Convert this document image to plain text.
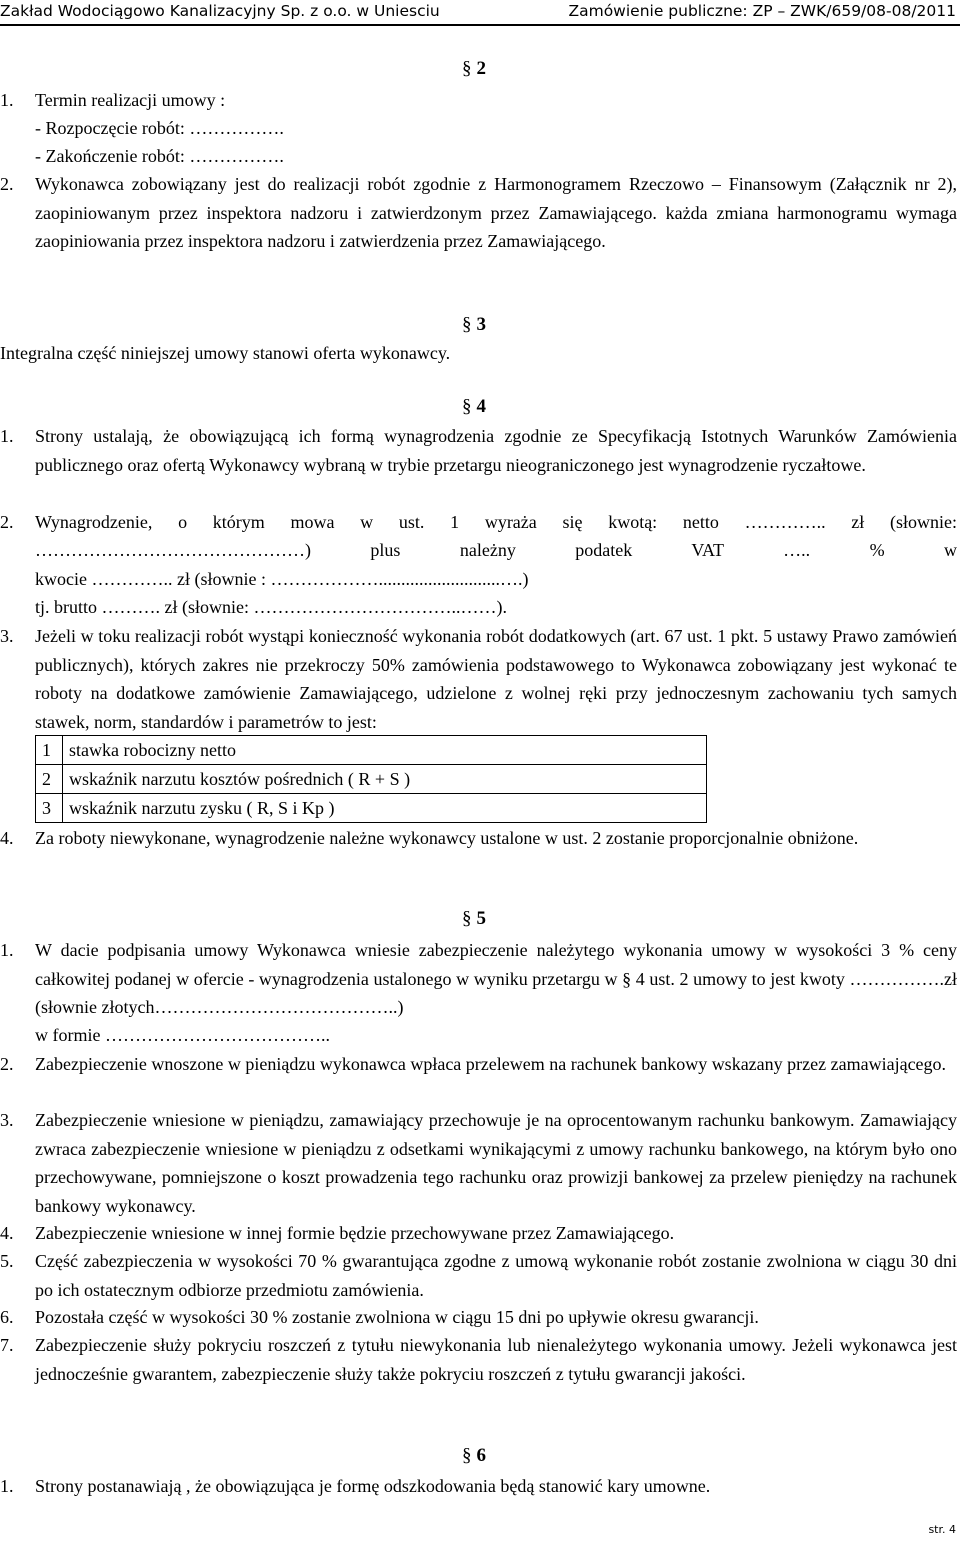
Zakład Wodociągowo Kanalizacyjny Sp. z o.o. w Uniesciu	Zamówienie publiczne: ZP – ZWK/659/08-08/2011
§ 2
1. Termin realizacji umowy :
- Rozpoczęcie robót: …………….
- Zakończenie robót: …………….
2. Wykonawca zobowiązany jest do realizacji robót zgodnie z Harmonogramem Rzeczowo – Finansowym (Załącznik nr 2), zaopiniowanym przez inspektora nadzoru i zatwierdzonym przez Zamawiającego. każda zmiana harmonogramu wymaga zaopiniowania przez inspektora nadzoru i zatwierdzenia przez Zamawiającego.
§ 3
Integralna część niniejszej umowy stanowi oferta wykonawcy.
§ 4
1. Strony ustalają, że obowiązującą ich formą wynagrodzenia zgodnie ze Specyfikacją Istotnych Warunków Zamówienia publicznego oraz ofertą Wykonawcy wybraną w trybie przetargu nieograniczonego jest wynagrodzenie ryczałtowe.
2. Wynagrodzenie, o którym mowa w ust. 1 wyraża się kwotą: netto ………….. zł (słownie:
………………………………………) plus należny podatek VAT ….. % w
kwocie ………….. zł (słownie : ………………...........................….)
tj. brutto ………. zł (słownie: ……………………………..……).
3. Jeżeli w toku realizacji robót wystąpi konieczność wykonania robót dodatkowych (art. 67 ust. 1 pkt. 5 ustawy Prawo zamówień publicznych), których zakres nie przekroczy 50% zamówienia podstawowego to Wykonawca zobowiązany jest wykonać te roboty na dodatkowe zamówienie Zamawiającego, udzielone z wolnej ręki przy jednoczesnym zachowaniu tych samych stawek, norm, standardów i parametrów to jest:
1	stawka robocizny netto
2	wskaźnik narzutu kosztów pośrednich ( R + S )
3	wskaźnik narzutu zysku ( R, S i Kp )
4. Za roboty niewykonane, wynagrodzenie należne wykonawcy ustalone w ust. 2 zostanie proporcjonalnie obniżone.
§ 5
1. W dacie podpisania umowy Wykonawca wniesie zabezpieczenie należytego wykonania umowy w wysokości 3 % ceny całkowitej podanej w ofercie - wynagrodzenia ustalonego w wyniku przetargu w § 4 ust. 2 umowy to jest kwoty …………….zł (słownie złotych…………………………………..)
w formie ………………………………..
2. Zabezpieczenie wnoszone w pieniądzu wykonawca wpłaca przelewem na rachunek bankowy wskazany przez zamawiającego.
3. Zabezpieczenie wniesione w pieniądzu, zamawiający przechowuje je na oprocentowanym rachunku bankowym. Zamawiający zwraca zabezpieczenie wniesione w pieniądzu z odsetkami wynikającymi z umowy rachunku bankowego, na którym było ono przechowywane, pomniejszone o koszt prowadzenia tego rachunku oraz prowizji bankowej za przelew pieniędzy na rachunek bankowy wykonawcy.
4. Zabezpieczenie wniesione w innej formie będzie przechowywane przez Zamawiającego.
5. Część zabezpieczenia w wysokości 70 % gwarantująca zgodne z umową wykonanie robót zostanie zwolniona w ciągu 30 dni po ich ostatecznym odbiorze przedmiotu zamówienia.
6. Pozostała część w wysokości 30 % zostanie zwolniona w ciągu 15 dni po upływie okresu gwarancji.
7. Zabezpieczenie służy pokryciu roszczeń z tytułu niewykonania lub nienależytego wykonania umowy. Jeżeli wykonawca jest jednocześnie gwarantem, zabezpieczenie służy także pokryciu roszczeń z tytułu gwarancji jakości.
§ 6
1. Strony postanawiają , że obowiązująca je formę odszkodowania będą stanowić kary umowne.
str. 4
